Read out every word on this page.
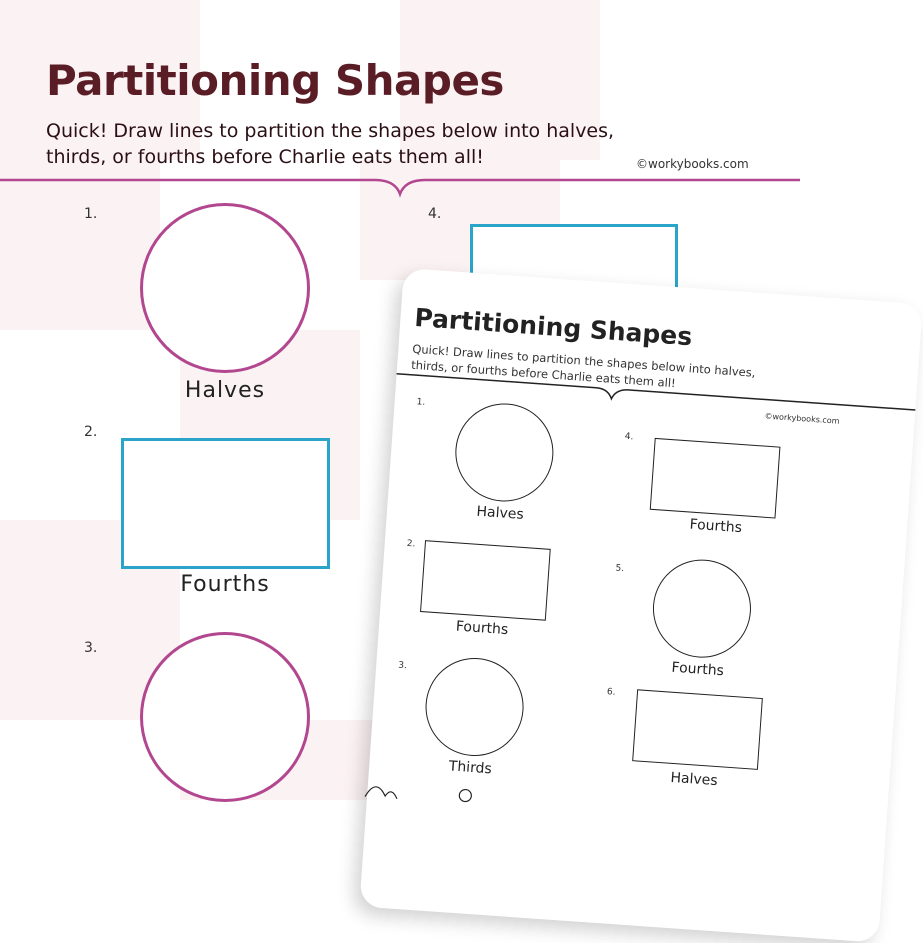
Partitioning Shapes

Quick! Draw lines to partition the shapes below into halves, thirds, or fourths before Charlie eats them all!	©workybooks.com
1.
Halves
2.
Fourths
3.
4.
Partitioning Shapes

Quick! Draw lines to partition the shapes below into halves, thirds, or fourths before Charlie eats them all!

©workybooks.com
1.
Halves
2.
Fourths
3.
Thirds
4.
Fourths
5.
Fourths
6.
Halves
